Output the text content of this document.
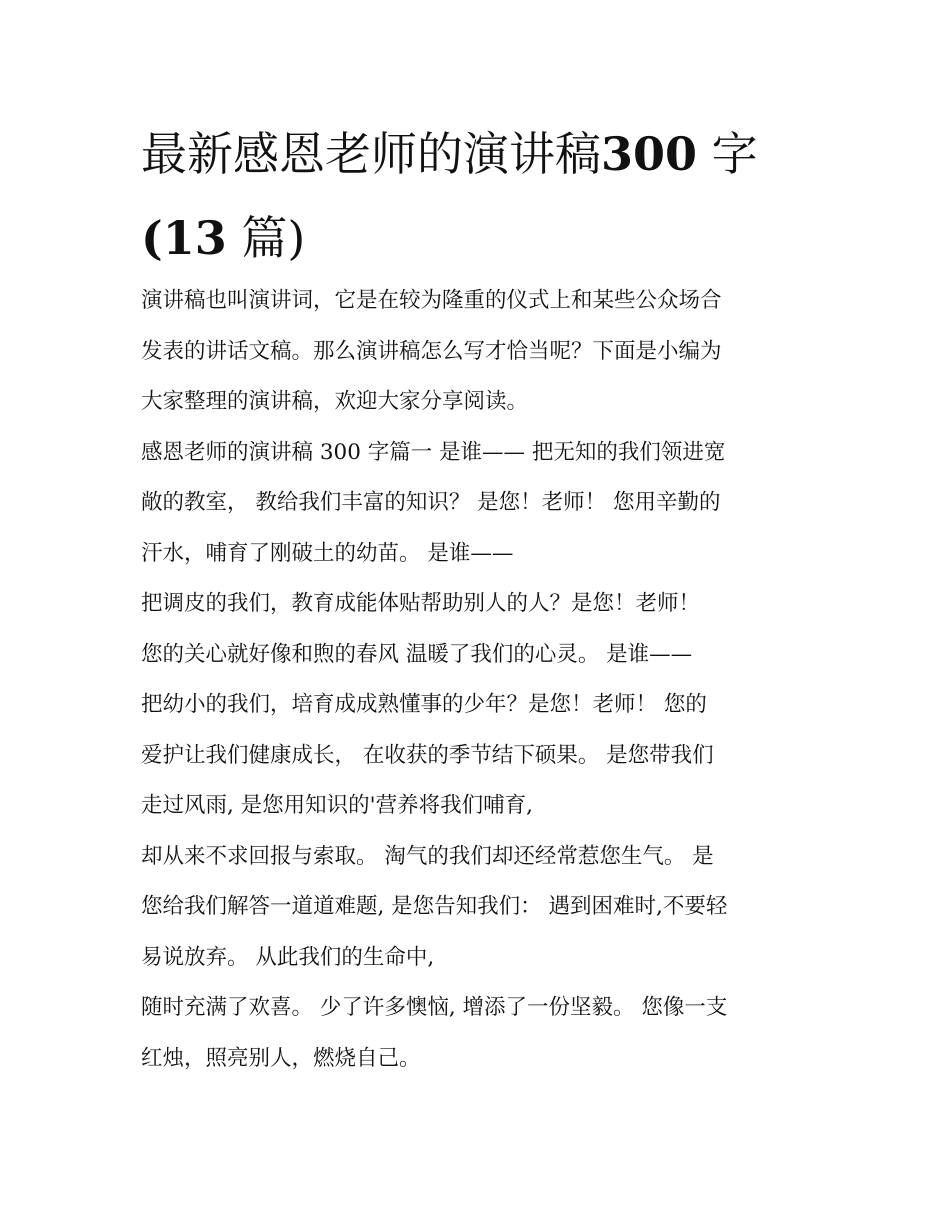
最新感恩老师的演讲稿300 字
(13 篇)
演讲稿也叫演讲词，它是在较为隆重的仪式上和某些公众场合
发表的讲话文稿。那么演讲稿怎么写才恰当呢？下面是小编为
大家整理的演讲稿，欢迎大家分享阅读。
感恩老师的演讲稿 300 字篇一 是谁—— 把无知的我们领进宽
敞的教室， 教给我们丰富的知识？ 是您！老师！ 您用辛勤的
汗水，哺育了刚破土的幼苗。 是谁——
把调皮的我们，教育成能体贴帮助别人的人？是您！老师！
您的关心就好像和煦的春风 温暖了我们的心灵。 是谁——
把幼小的我们，培育成成熟懂事的少年？是您！老师！ 您的
爱护让我们健康成长， 在收获的季节结下硕果。 是您带我们
走过风雨, 是您用知识的'营养将我们哺育,
却从来不求回报与索取。 淘气的我们却还经常惹您生气。 是
您给我们解答一道道难题, 是您告知我们： 遇到困难时,不要轻
易说放弃。 从此我们的生命中,
随时充满了欢喜。 少了许多懊恼, 增添了一份坚毅。 您像一支
红烛，照亮别人，燃烧自己。
